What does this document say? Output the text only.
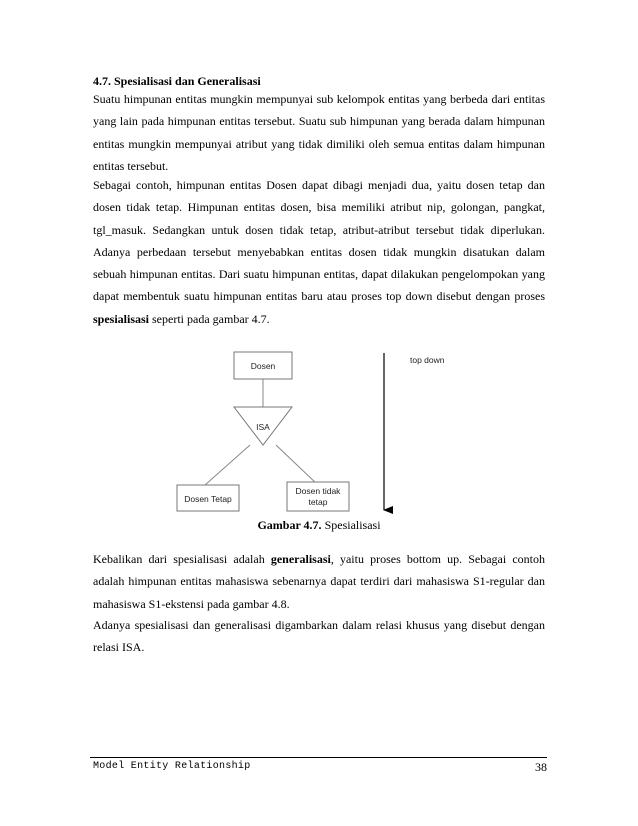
4.7. Spesialisasi dan Generalisasi

Suatu himpunan entitas mungkin mempunyai sub kelompok entitas yang berbeda dari entitas yang lain pada himpunan entitas tersebut. Suatu sub himpunan yang berada dalam himpunan entitas mungkin mempunyai atribut yang tidak dimiliki oleh semua entitas dalam himpunan entitas tersebut.

Sebagai contoh, himpunan entitas Dosen dapat dibagi menjadi dua, yaitu dosen tetap dan dosen tidak tetap. Himpunan entitas dosen, bisa memiliki atribut nip, golongan, pangkat, tgl_masuk. Sedangkan untuk dosen tidak tetap, atribut-atribut tersebut tidak diperlukan. Adanya perbedaan tersebut menyebabkan entitas dosen tidak mungkin disatukan dalam sebuah himpunan entitas. Dari suatu himpunan entitas, dapat dilakukan pengelompokan yang dapat membentuk suatu himpunan entitas baru atau proses top down disebut dengan proses spesialisasi seperti pada gambar 4.7.

Dosen
ISA
Dosen Tetap
Dosen tidak
tetap
top down
Gambar 4.7. Spesialisasi

Kebalikan dari spesialisasi adalah generalisasi, yaitu proses bottom up. Sebagai contoh adalah himpunan entitas mahasiswa sebenarnya dapat terdiri dari mahasiswa S1-regular dan mahasiswa S1-ekstensi pada gambar 4.8.

Adanya spesialisasi dan generalisasi digambarkan dalam relasi khusus yang disebut dengan relasi ISA.

Model Entity Relationship	38
